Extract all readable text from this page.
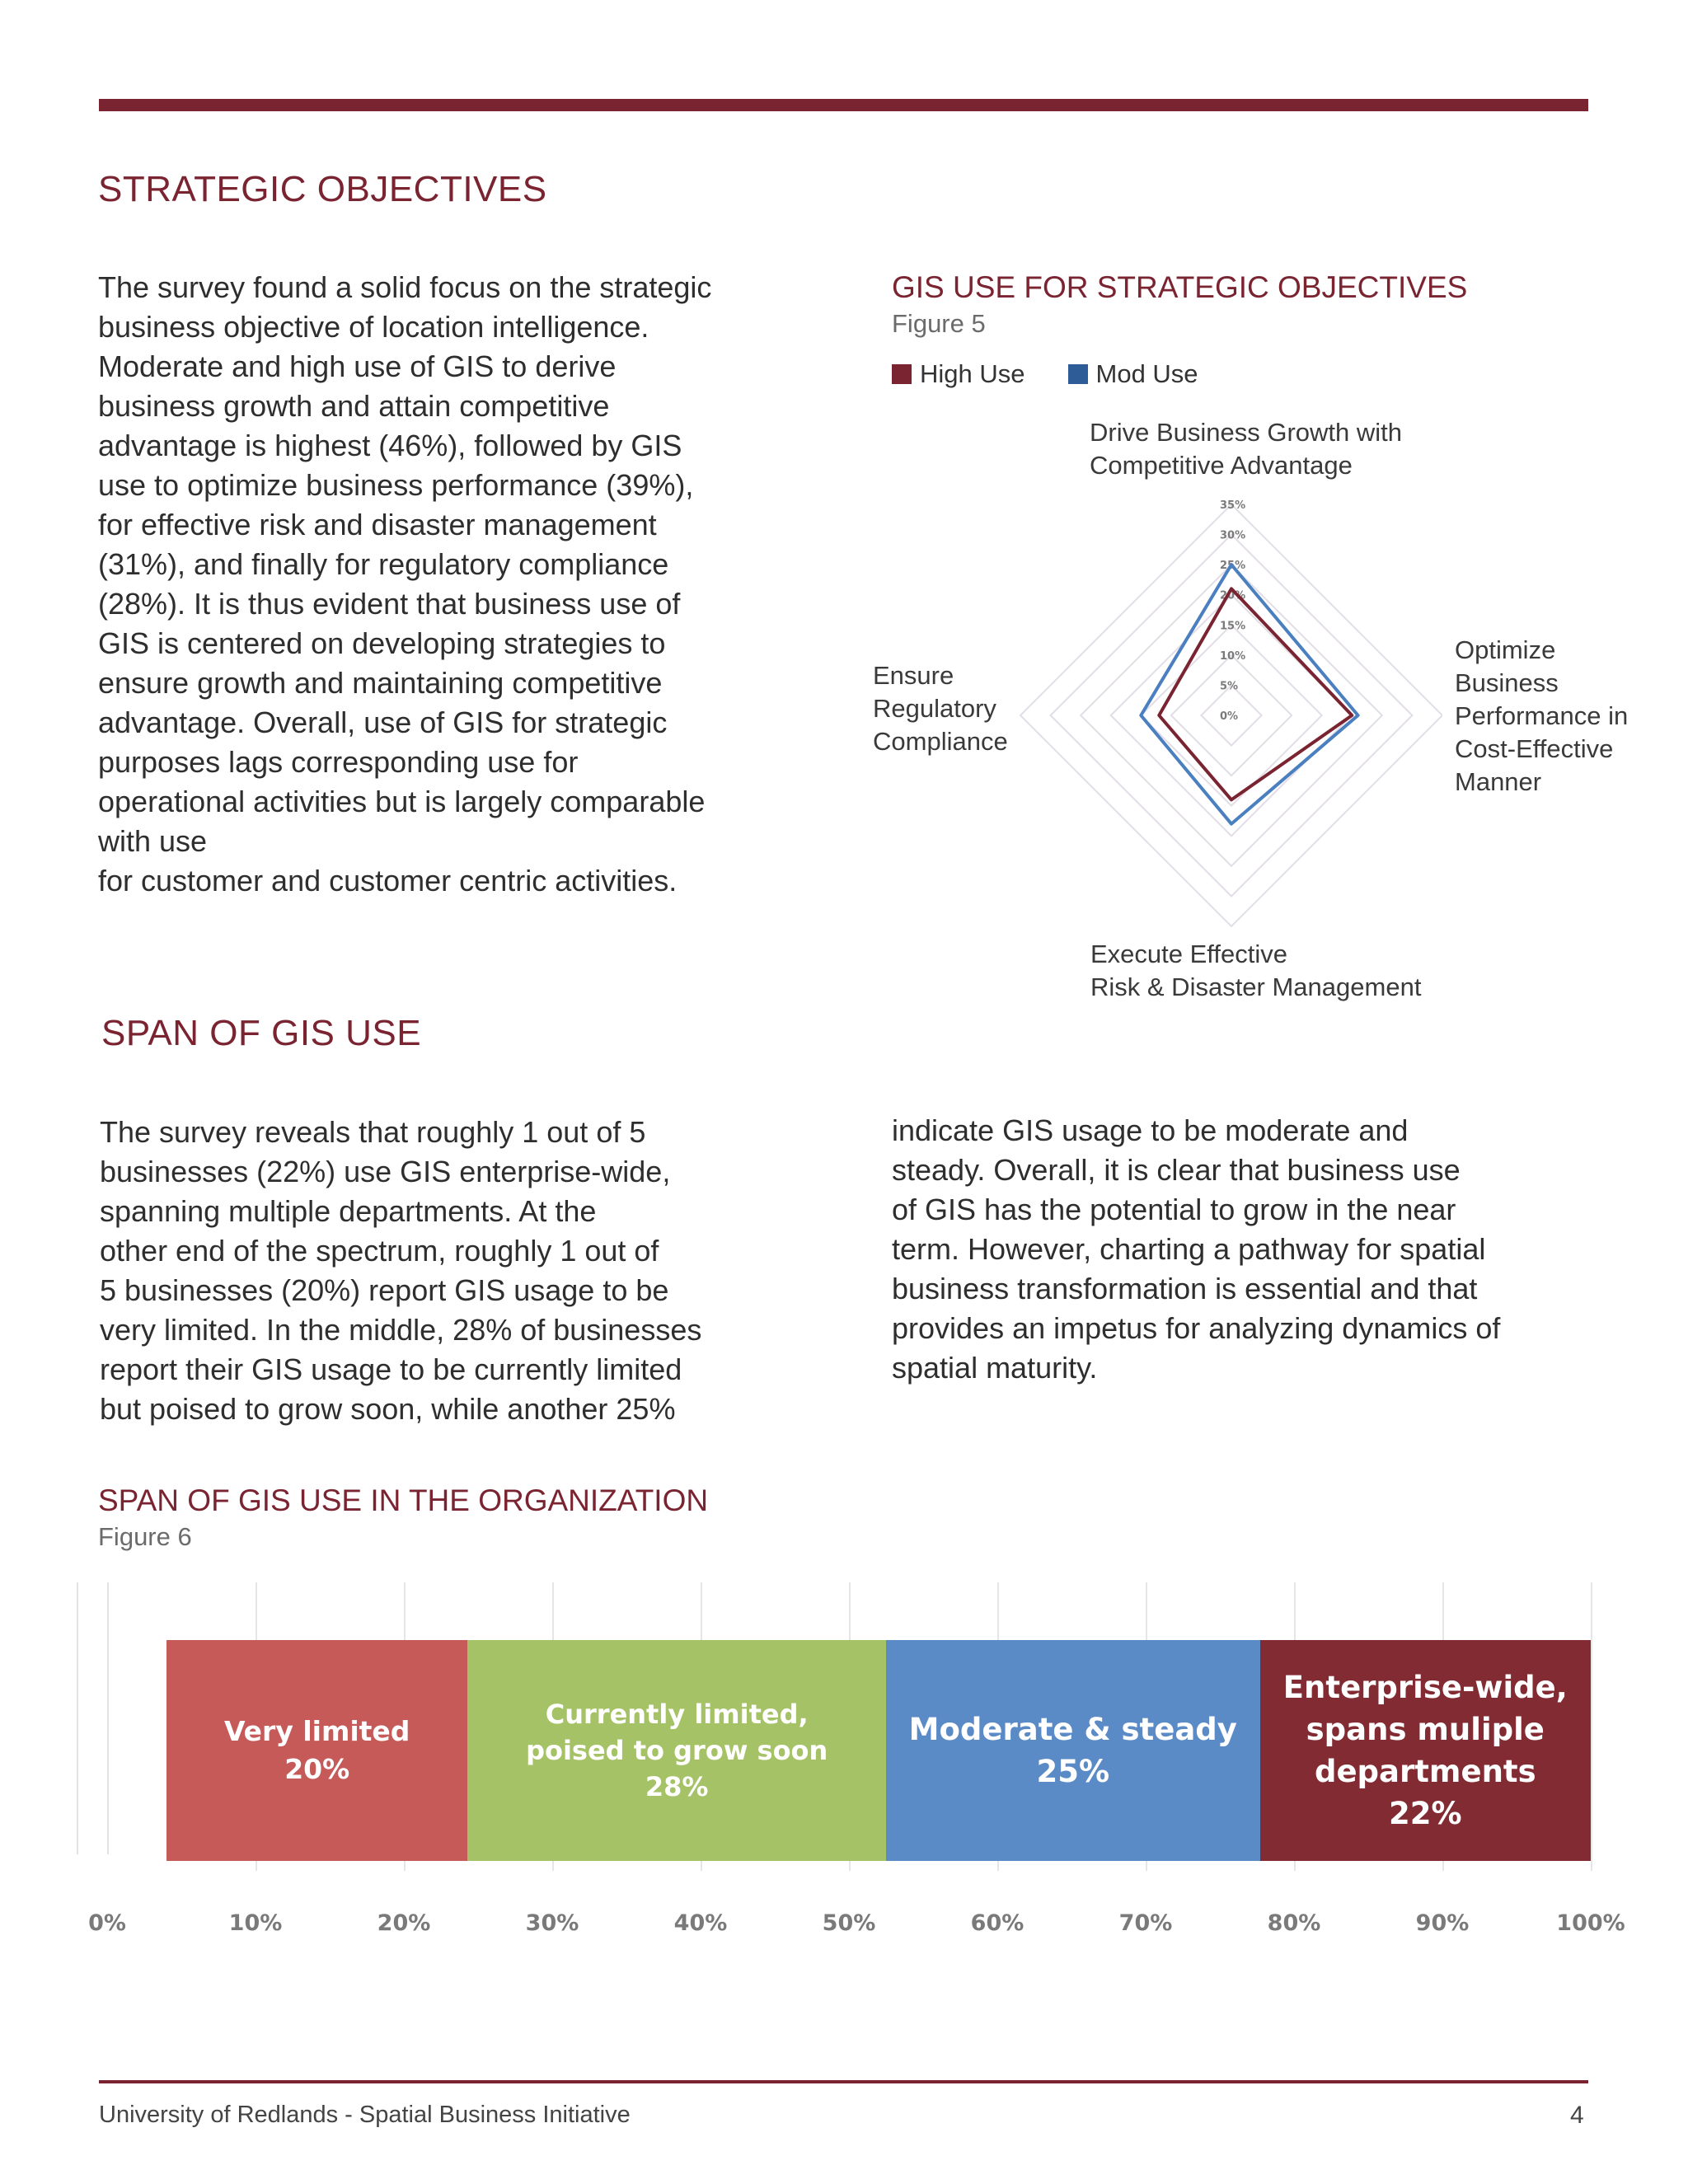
STRATEGIC OBJECTIVES

The survey found a solid focus on the strategic
business objective of location intelligence.
Moderate and high use of GIS to derive
business growth and attain competitive
advantage is highest (46%), followed by GIS
use to optimize business performance (39%),
for effective risk and disaster management
(31%), and finally for regulatory compliance
(28%). It is thus evident that business use of
GIS is centered on developing strategies to
ensure growth and maintaining competitive
advantage. Overall, use of GIS for strategic
purposes lags corresponding use for
operational activities but is largely comparable
with use
for customer and customer centric activities.

GIS USE FOR STRATEGIC OBJECTIVES

Figure 5

High Use	Mod Use
Drive Business Growth with
Competitive Advantage
Optimize
Business
Performance in
Cost-Effective
Manner
Execute Effective
Risk & Disaster Management
Ensure
Regulatory
Compliance
0%
5%
10%
15%
20%
25%
30%
35%
SPAN OF GIS USE

The survey reveals that roughly 1 out of 5
businesses (22%) use GIS enterprise-wide,
spanning multiple departments. At the
other end of the spectrum, roughly 1 out of
5 businesses (20%) report GIS usage to be
very limited. In the middle, 28% of businesses
report their GIS usage to be currently limited
but poised to grow soon, while another 25%

indicate GIS usage to be moderate and
steady. Overall, it is clear that business use
of GIS has the potential to grow in the near
term. However, charting a pathway for spatial
business transformation is essential and that
provides an impetus for analyzing dynamics of
spatial maturity.

SPAN OF GIS USE IN THE ORGANIZATION

Figure 6

Very limited
20%
Currently limited,
poised to grow soon
28%
Moderate & steady
25%
Enterprise-wide,
spans muliple
departments
22%
University of Redlands - Spatial Business Initiative	4
0%	10%	20%	30%	40%	50%	60%	70%	80%	90%	100%
